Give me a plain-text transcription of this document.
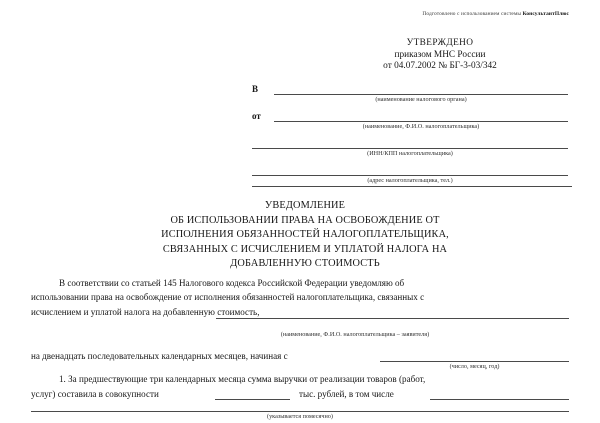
Подготовлено с использованием системы КонсультантПлюс
УТВЕРЖДЕНО
приказом МНС России
от 04.07.2002 № БГ-3-03/342
В
(наименование налогового органа)
от
(наименование, Ф.И.О. налогоплательщика)
(ИНН/КПП налогоплательщика)
(адрес налогоплательщика, тел.)
УВЕДОМЛЕНИЕ
ОБ ИСПОЛЬЗОВАНИИ ПРАВА НА ОСВОБОЖДЕНИЕ ОТ
ИСПОЛНЕНИЯ ОБЯЗАННОСТЕЙ НАЛОГОПЛАТЕЛЬЩИКА,
СВЯЗАННЫХ С ИСЧИСЛЕНИЕМ И УПЛАТОЙ НАЛОГА НА
ДОБАВЛЕННУЮ СТОИМОСТЬ
В соответствии со статьей 145 Налогового кодекса Российской Федерации уведомляю об
использовании права на освобождение от исполнения обязанностей налогоплательщика, связанных с
исчислением и уплатой налога на добавленную стоимость,
(наименование, Ф.И.О. налогоплательщика – заявителя)
на двенадцать последовательных календарных месяцев, начиная с
(число, месяц, год)
1. За предшествующие три календарных месяца сумма выручки от реализации товаров (работ,
услуг) составила в совокупности	тыс. рублей, в том числе
(указывается помесячно)
